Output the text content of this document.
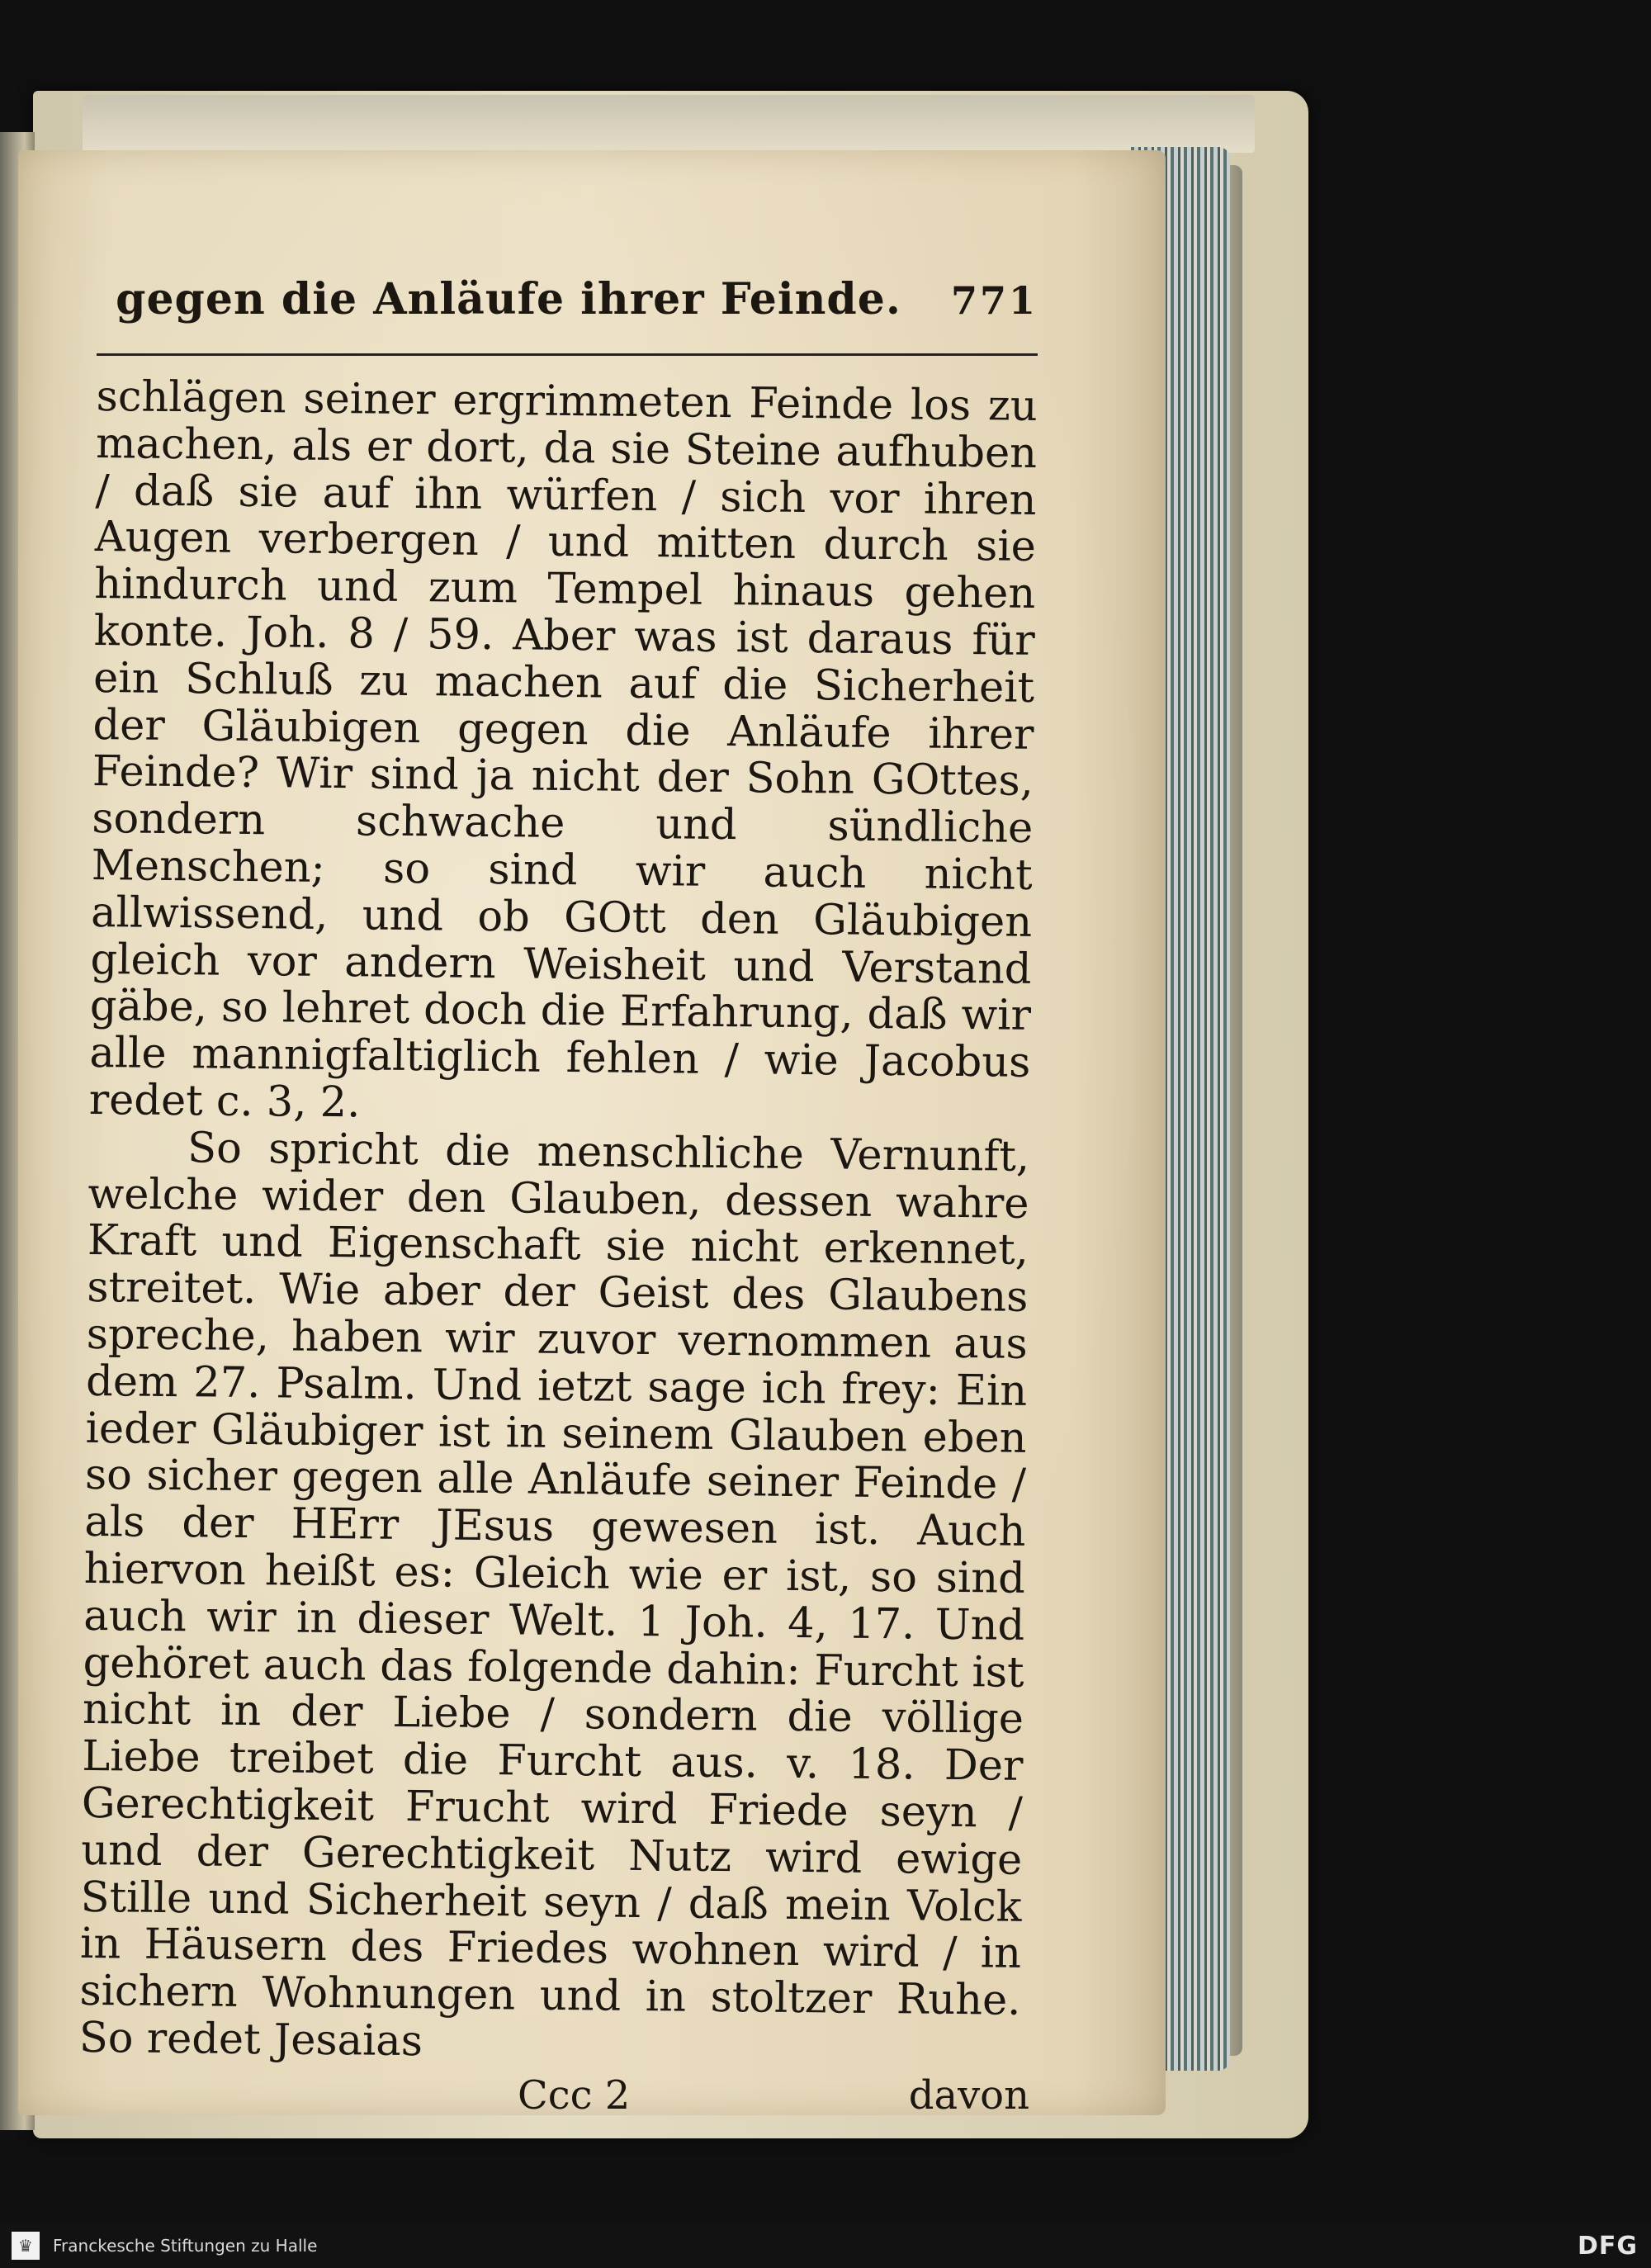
gegen die Anläufe ihrer Feinde. 771

schlägen seiner ergrimmeten Feinde los zu machen, als er dort, da sie Steine aufhuben / daß sie auf ihn würfen / sich vor ihren Augen verbergen / und mitten durch sie hindurch und zum Tempel hinaus gehen konte. Joh. 8 / 59. Aber was ist daraus für ein Schluß zu machen auf die Sicherheit der Gläubigen gegen die Anläufe ihrer Feinde? Wir sind ja nicht der Sohn GOttes, sondern schwache und sündliche Menschen; so sind wir auch nicht allwissend, und ob GOtt den Gläubigen gleich vor andern Weisheit und Verstand gäbe, so lehret doch die Erfahrung, daß wir alle mannigfaltiglich fehlen / wie Jacobus redet c. 3, 2.

So spricht die menschliche Vernunft, welche wider den Glauben, dessen wahre Kraft und Eigenschaft sie nicht erkennet, streitet. Wie aber der Geist des Glaubens spreche, haben wir zuvor vernommen aus dem 27. Psalm. Und ietzt sage ich frey: Ein ieder Gläubiger ist in seinem Glauben eben so sicher gegen alle Anläufe seiner Feinde / als der HErr JEsus gewesen ist. Auch hiervon heißt es: Gleich wie er ist, so sind auch wir in dieser Welt. 1 Joh. 4, 17. Und gehöret auch das folgende dahin: Furcht ist nicht in der Liebe / sondern die völlige Liebe treibet die Furcht aus. v. 18. Der Gerechtigkeit Frucht wird Friede seyn / und der Gerechtigkeit Nutz wird ewige Stille und Sicherheit seyn / daß mein Volck in Häusern des Friedes wohnen wird / in sichern Wohnungen und in stoltzer Ruhe. So redet Jesaias

Ccc 2	davon
♛	Franckesche Stiftungen zu Halle	DFG
